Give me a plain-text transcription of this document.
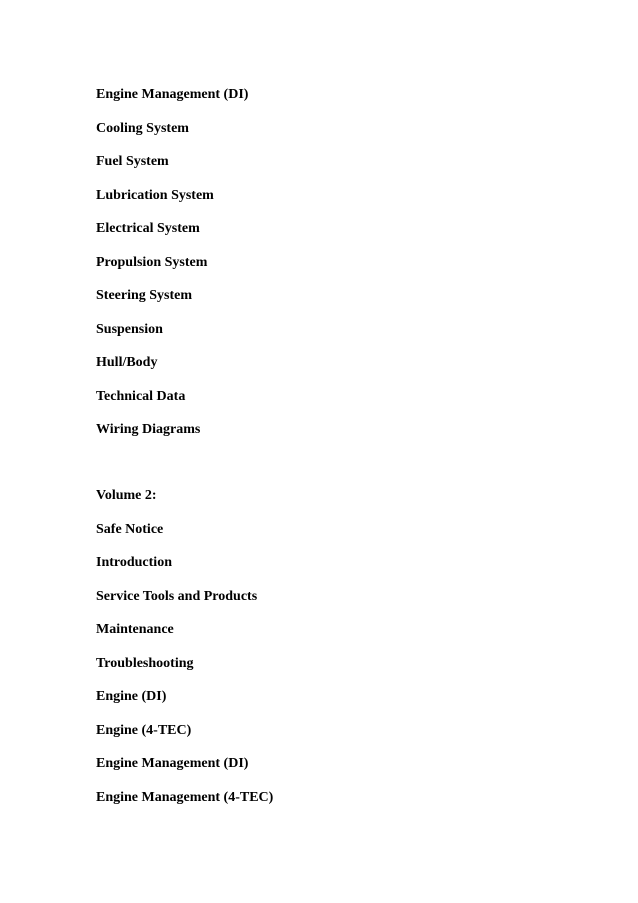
Engine Management (DI)
Cooling System
Fuel System
Lubrication System
Electrical System
Propulsion System
Steering System
Suspension
Hull/Body
Technical Data
Wiring Diagrams
Volume 2:
Safe Notice
Introduction
Service Tools and Products
Maintenance
Troubleshooting
Engine (DI)
Engine (4-TEC)
Engine Management (DI)
Engine Management (4-TEC)
